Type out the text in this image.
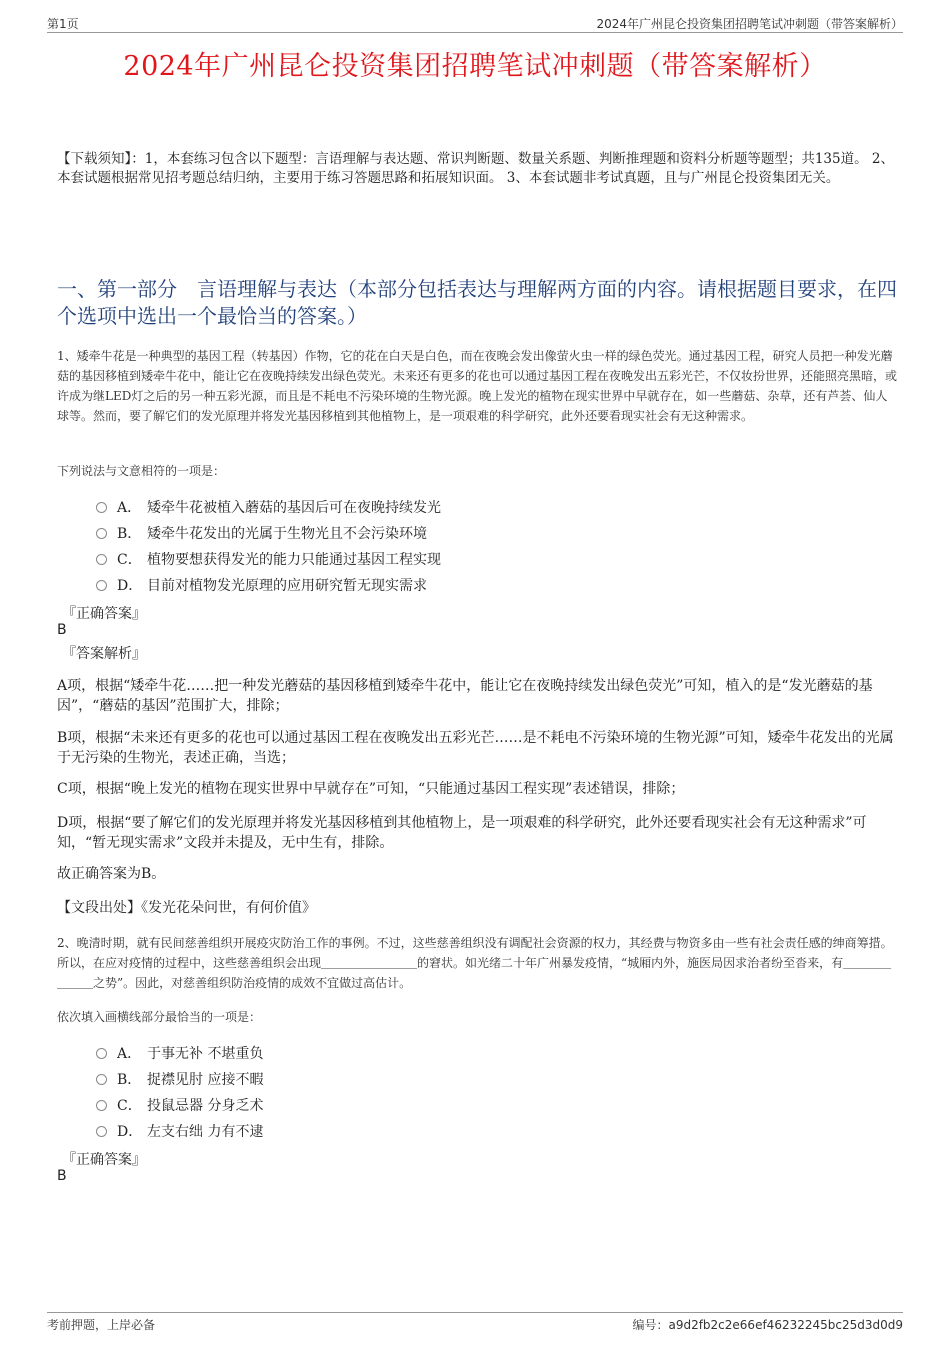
第1页	2024年广州昆仑投资集团招聘笔试冲刺题（带答案解析）
2024年广州昆仑投资集团招聘笔试冲刺题（带答案解析）
【下载须知】：1，本套练习包含以下题型：言语理解与表达题、常识判断题、数量关系题、判断推理题和资料分析题等题型；共135道。 2、本套试题根据常见招考题总结归纳，主要用于练习答题思路和拓展知识面。 3、本套试题非考试真题，且与广州昆仑投资集团无关。
一、第一部分　言语理解与表达（本部分包括表达与理解两方面的内容。请根据题目要求，在四个选项中选出一个最恰当的答案。）
1、矮牵牛花是一种典型的基因工程（转基因）作物，它的花在白天是白色，而在夜晚会发出像萤火虫一样的绿色荧光。通过基因工程，研究人员把一种发光蘑菇的基因移植到矮牵牛花中，能让它在夜晚持续发出绿色荧光。未来还有更多的花也可以通过基因工程在夜晚发出五彩光芒，不仅妆扮世界，还能照亮黑暗，或许成为继LED灯之后的另一种五彩光源，而且是不耗电不污染环境的生物光源。晚上发光的植物在现实世界中早就存在，如一些蘑菇、杂草，还有芦荟、仙人球等。然而，要了解它们的发光原理并将发光基因移植到其他植物上，是一项艰难的科学研究，此外还要看现实社会有无这种需求。
下列说法与文意相符的一项是：
A． 矮牵牛花被植入蘑菇的基因后可在夜晚持续发光
B． 矮牵牛花发出的光属于生物光且不会污染环境
C． 植物要想获得发光的能力只能通过基因工程实现
D． 目前对植物发光原理的应用研究暂无现实需求
『正确答案』
B
『答案解析』
A项，根据“矮牵牛花……把一种发光蘑菇的基因移植到矮牵牛花中，能让它在夜晚持续发出绿色荧光”可知，植入的是“发光蘑菇的基因”，“蘑菇的基因”范围扩大，排除；
B项，根据“未来还有更多的花也可以通过基因工程在夜晚发出五彩光芒……是不耗电不污染环境的生物光源”可知，矮牵牛花发出的光属于无污染的生物光，表述正确，当选；
C项，根据“晚上发光的植物在现实世界中早就存在”可知，“只能通过基因工程实现”表述错误，排除；
D项，根据“要了解它们的发光原理并将发光基因移植到其他植物上，是一项艰难的科学研究，此外还要看现实社会有无这种需求”可知，“暂无现实需求”文段并未提及，无中生有，排除。
故正确答案为B。
【文段出处】《发光花朵问世，有何价值》
2、晚清时期，就有民间慈善组织开展疫灾防治工作的事例。不过，这些慈善组织没有调配社会资源的权力，其经费与物资多由一些有社会责任感的绅商筹措。所以，在应对疫情的过程中，这些慈善组织会出现＿＿＿＿＿＿＿＿的窘状。如光绪二十年广州暴发疫情，“城厢内外，施医局因求治者纷至沓来，有＿＿＿＿＿＿＿之势”。因此，对慈善组织防治疫情的成效不宜做过高估计。
依次填入画横线部分最恰当的一项是：
A． 于事无补 不堪重负
B． 捉襟见肘 应接不暇
C． 投鼠忌器 分身乏术
D． 左支右绌 力有不逮
『正确答案』
B
考前押题，上岸必备	编号：a9d2fb2c2e66ef46232245bc25d3d0d9
